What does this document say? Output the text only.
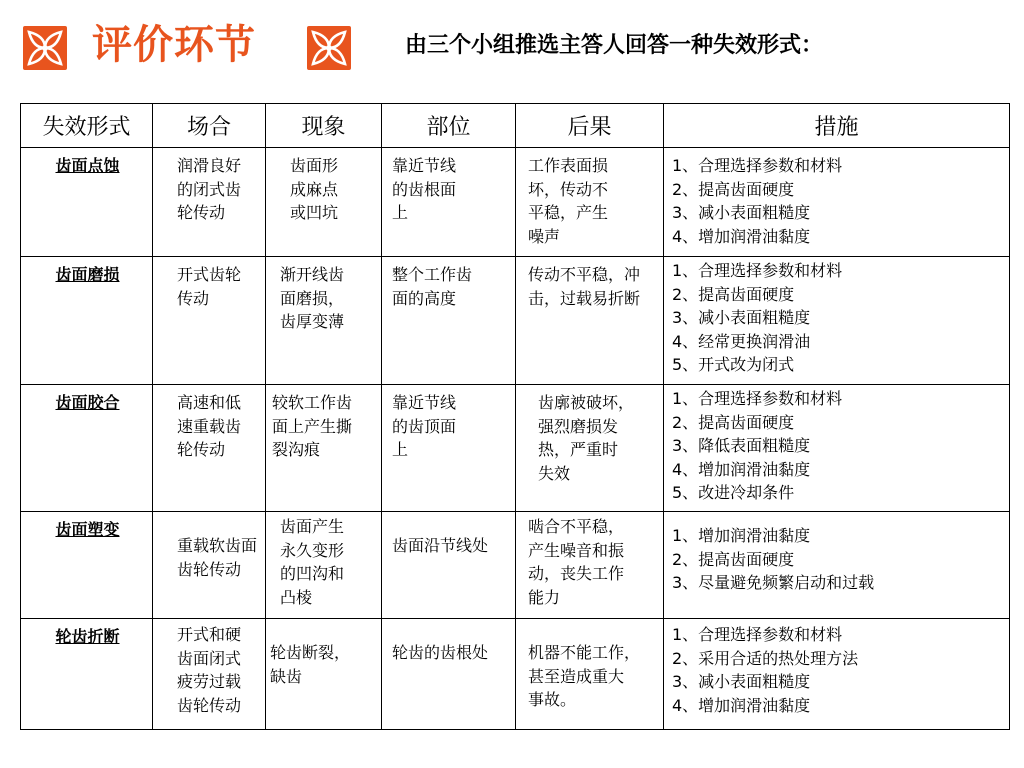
评价环节	由三个小组推选主答人回答一种失效形式：
失效形式	场合	现象	部位	后果	措施
齿面点蚀	润滑良好
的闭式齿
轮传动	齿面形
成麻点
或凹坑	靠近节线
的齿根面
上	工作表面损
坏，传动不
平稳，产生
噪声	1、合理选择参数和材料
2、提高齿面硬度
3、减小表面粗糙度
4、增加润滑油黏度
齿面磨损	开式齿轮
传动	渐开线齿
面磨损，
齿厚变薄	整个工作齿
面的高度	传动不平稳，冲
击，过载易折断	1、合理选择参数和材料
2、提高齿面硬度
3、减小表面粗糙度
4、经常更换润滑油
5、开式改为闭式
齿面胶合	高速和低
速重载齿
轮传动	较软工作齿
面上产生撕
裂沟痕	靠近节线
的齿顶面
上	齿廓被破坏，
强烈磨损发
热，严重时
失效	1、合理选择参数和材料
2、提高齿面硬度
3、降低表面粗糙度
4、增加润滑油黏度
5、改进冷却条件
齿面塑变	重载软齿面
齿轮传动	齿面产生
永久变形
的凹沟和
凸棱	齿面沿节线处	啮合不平稳，
产生噪音和振
动，丧失工作
能力	1、增加润滑油黏度
2、提高齿面硬度
3、尽量避免频繁启动和过载
轮齿折断	开式和硬
齿面闭式
疲劳过载
齿轮传动	轮齿断裂，
缺齿	轮齿的齿根处	机器不能工作，
甚至造成重大
事故。	1、合理选择参数和材料
2、采用合适的热处理方法
3、减小表面粗糙度
4、增加润滑油黏度
